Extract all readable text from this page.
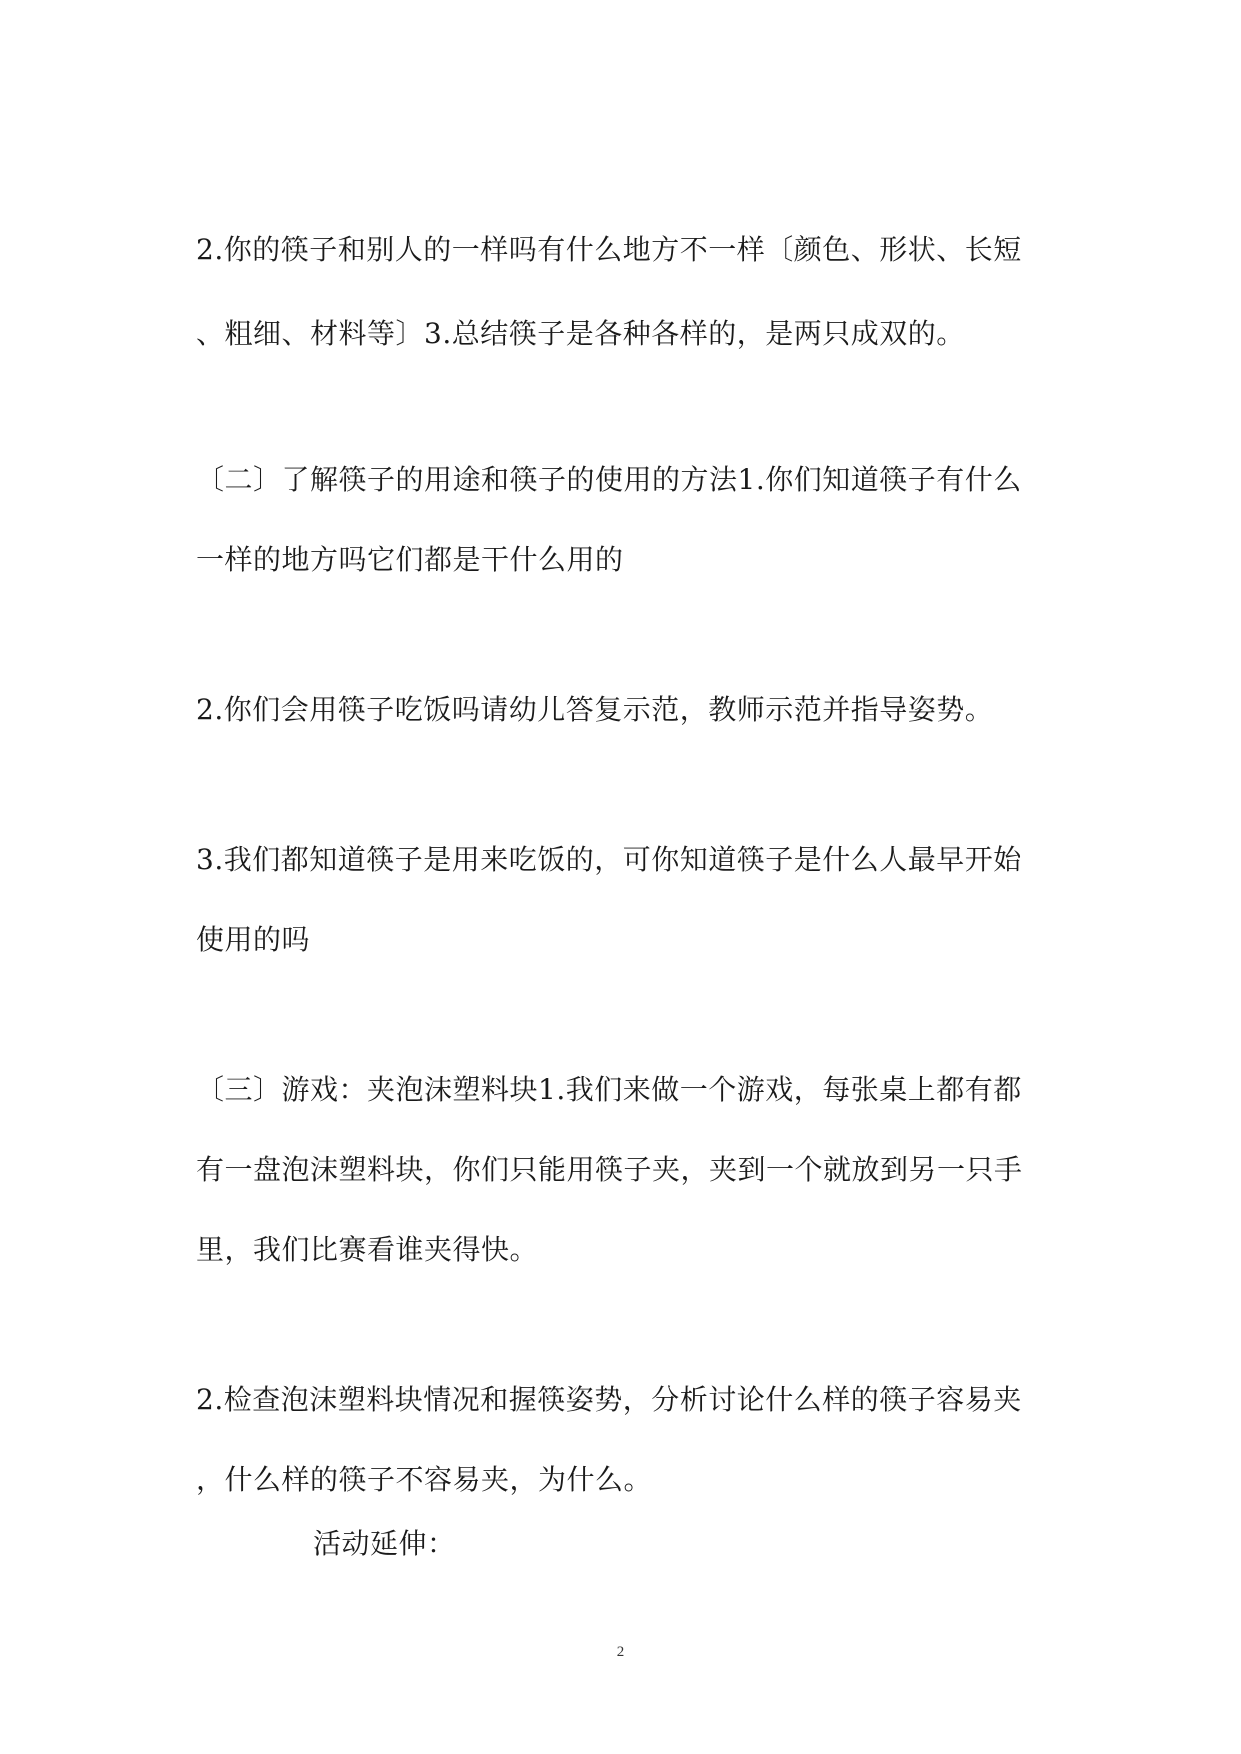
2.你的筷子和别人的一样吗有什么地方不一样〔颜色、形状、长短
、粗细、材料等〕3.总结筷子是各种各样的，是两只成双的。
〔二〕了解筷子的用途和筷子的使用的方法1.你们知道筷子有什么
一样的地方吗它们都是干什么用的
2.你们会用筷子吃饭吗请幼儿答复示范，教师示范并指导姿势。
3.我们都知道筷子是用来吃饭的，可你知道筷子是什么人最早开始
使用的吗
〔三〕游戏：夹泡沫塑料块1.我们来做一个游戏，每张桌上都有都
有一盘泡沫塑料块，你们只能用筷子夹，夹到一个就放到另一只手
里，我们比赛看谁夹得快。
2.检查泡沫塑料块情况和握筷姿势，分析讨论什么样的筷子容易夹
，什么样的筷子不容易夹，为什么。
活动延伸：
2
